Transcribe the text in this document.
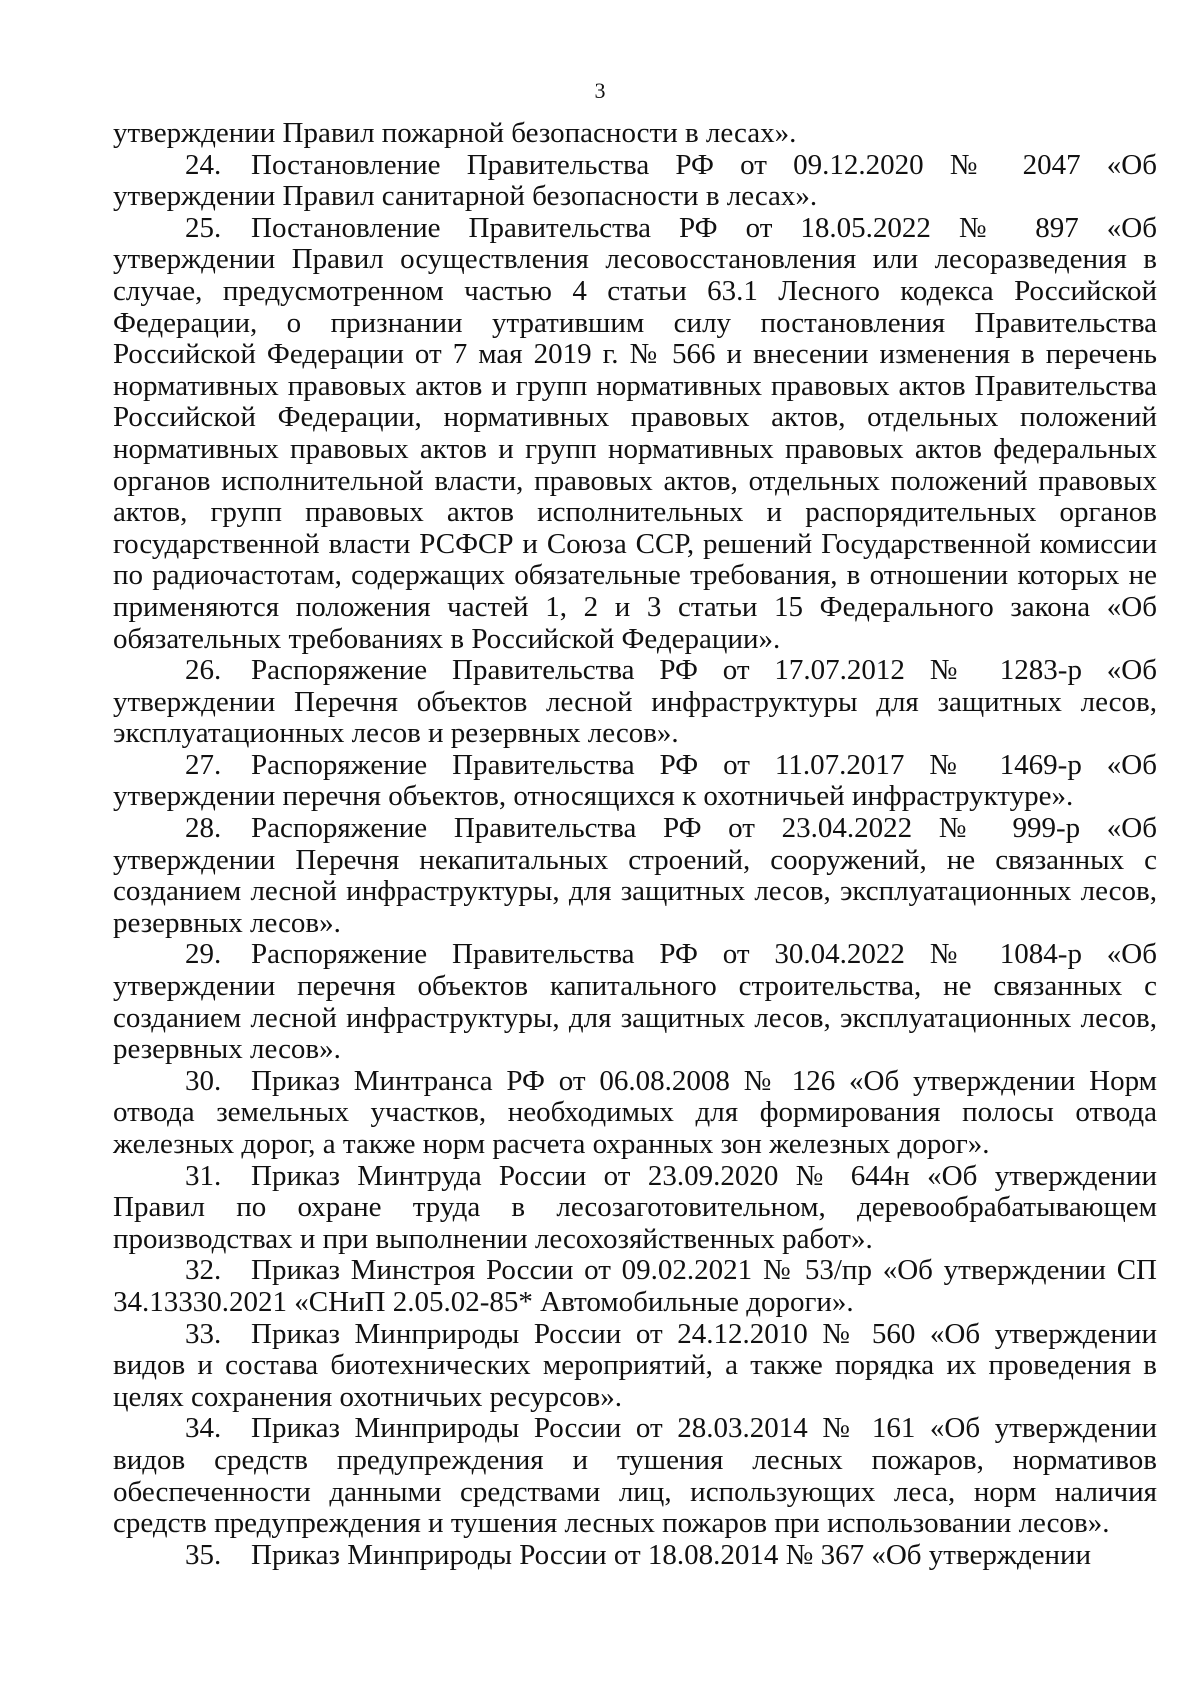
3

утверждении Правил пожарной безопасности в лесах».

24. Постановление Правительства РФ от 09.12.2020 № 2047 «Об утверждении Правил санитарной безопасности в лесах».

25. Постановление Правительства РФ от 18.05.2022 № 897 «Об утверждении Правил осуществления лесовосстановления или лесоразведения в случае, предусмотренном частью 4 статьи 63.1 Лесного кодекса Российской Федерации, о признании утратившим силу постановления Правительства Российской Федерации от 7 мая 2019 г. № 566 и внесении изменения в перечень нормативных правовых актов и групп нормативных правовых актов Правительства Российской Федерации, нормативных правовых актов, отдельных положений нормативных правовых актов и групп нормативных правовых актов федеральных органов исполнительной власти, правовых актов, отдельных положений правовых актов, групп правовых актов исполнительных и распорядительных органов государственной власти РСФСР и Союза ССР, решений Государственной комиссии по радиочастотам, содержащих обязательные требования, в отношении которых не применяются положения частей 1, 2 и 3 статьи 15 Федерального закона «Об обязательных требованиях в Российской Федерации».

26. Распоряжение Правительства РФ от 17.07.2012 № 1283-р «Об утверждении Перечня объектов лесной инфраструктуры для защитных лесов, эксплуатационных лесов и резервных лесов».

27. Распоряжение Правительства РФ от 11.07.2017 № 1469-р «Об утверждении перечня объектов, относящихся к охотничьей инфраструктуре».

28. Распоряжение Правительства РФ от 23.04.2022 № 999-р «Об утверждении Перечня некапитальных строений, сооружений, не связанных с созданием лесной инфраструктуры, для защитных лесов, эксплуатационных лесов, резервных лесов».

29. Распоряжение Правительства РФ от 30.04.2022 № 1084-р «Об утверждении перечня объектов капитального строительства, не связанных с созданием лесной инфраструктуры, для защитных лесов, эксплуатационных лесов, резервных лесов».

30. Приказ Минтранса РФ от 06.08.2008 № 126 «Об утверждении Норм отвода земельных участков, необходимых для формирования полосы отвода железных дорог, а также норм расчета охранных зон железных дорог».

31. Приказ Минтруда России от 23.09.2020 № 644н «Об утверждении Правил по охране труда в лесозаготовительном, деревообрабатывающем производствах и при выполнении лесохозяйственных работ».

32. Приказ Минстроя России от 09.02.2021 № 53/пр «Об утверждении СП 34.13330.2021 «СНиП 2.05.02-85* Автомобильные дороги».

33. Приказ Минприроды России от 24.12.2010 № 560 «Об утверждении видов и состава биотехнических мероприятий, а также порядка их проведения в целях сохранения охотничьих ресурсов».

34. Приказ Минприроды России от 28.03.2014 № 161 «Об утверждении видов средств предупреждения и тушения лесных пожаров, нормативов обеспеченности данными средствами лиц, использующих леса, норм наличия средств предупреждения и тушения лесных пожаров при использовании лесов».

35. Приказ Минприроды России от 18.08.2014 № 367 «Об утверждении
